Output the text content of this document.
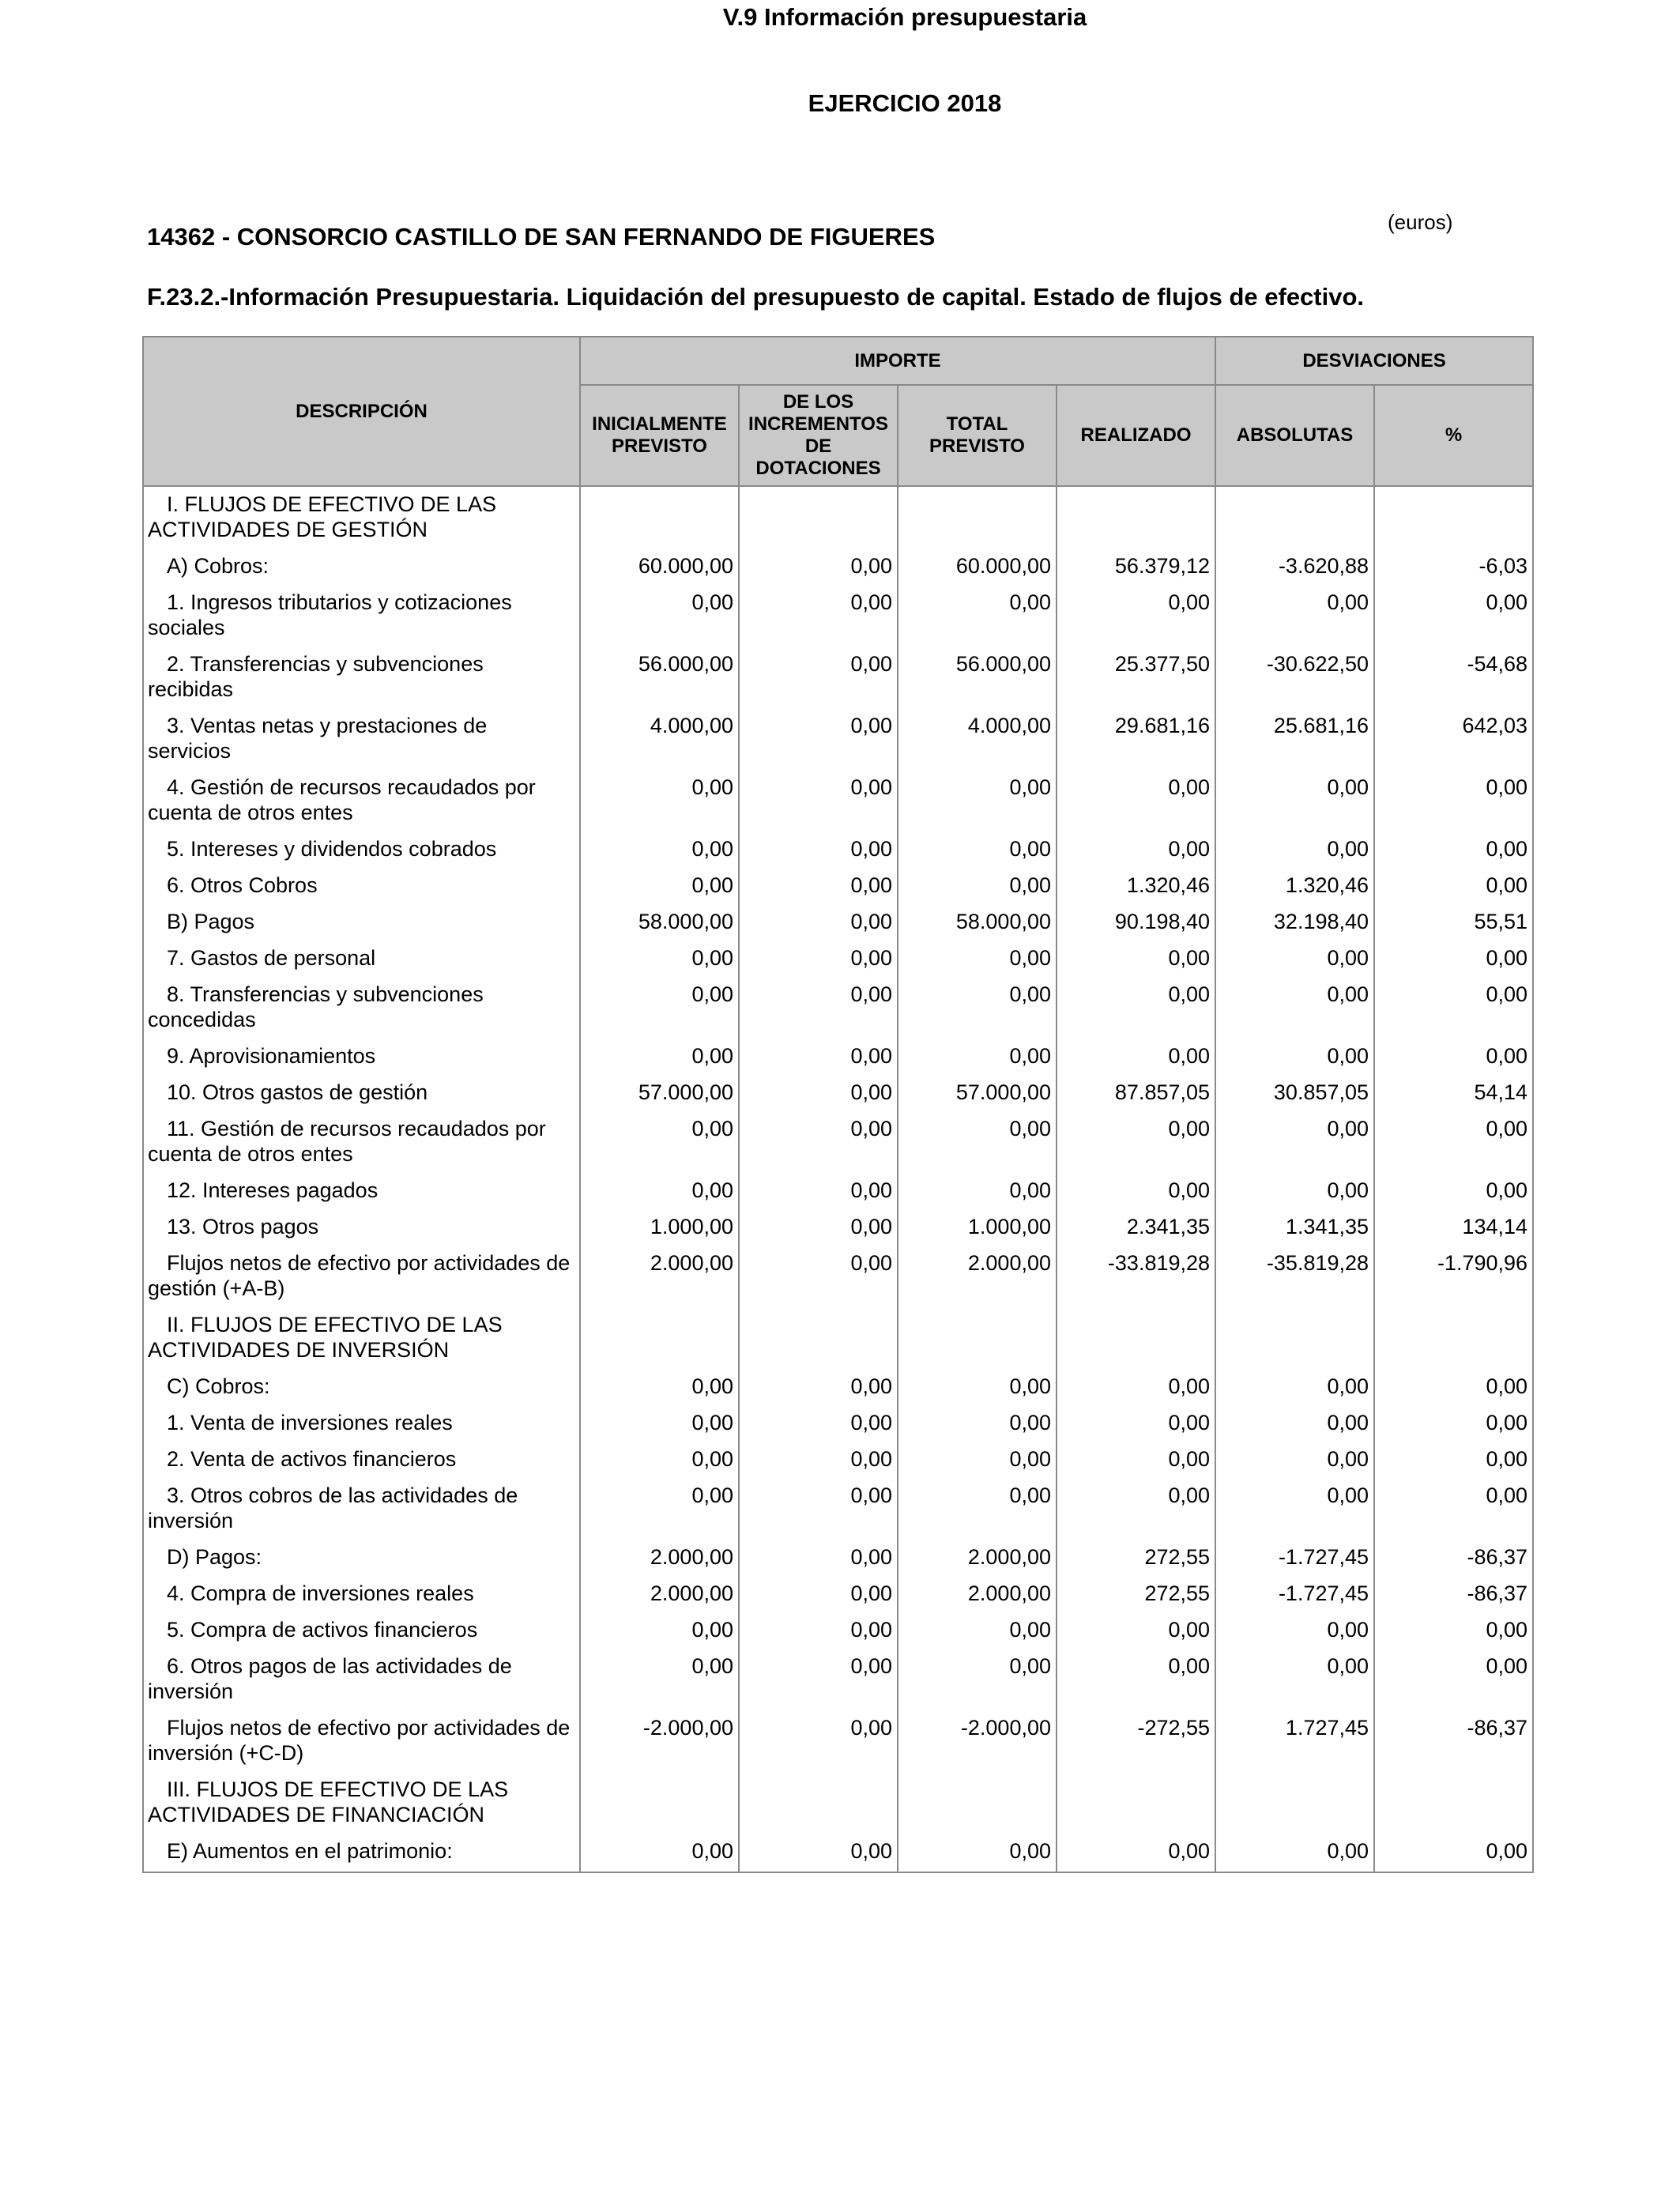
V.9 Información presupuestaria
EJERCICIO 2018
14362 - CONSORCIO CASTILLO DE SAN FERNANDO DE FIGUERES
(euros)
F.23.2.-Información Presupuestaria. Liquidación del presupuesto de capital. Estado de flujos de efectivo.
DESCRIPCIÓN	IMPORTE				DESVIACIONES	
	INICIALMENTE PREVISTO	DE LOS INCREMENTOS DE DOTACIONES	TOTAL PREVISTO	REALIZADO	ABSOLUTAS	%
I. FLUJOS DE EFECTIVO DE LAS ACTIVIDADES DE GESTIÓN						
A) Cobros:	60.000,00	0,00	60.000,00	56.379,12	-3.620,88	-6,03
1. Ingresos tributarios y cotizaciones sociales	0,00	0,00	0,00	0,00	0,00	0,00
2. Transferencias y subvenciones recibidas	56.000,00	0,00	56.000,00	25.377,50	-30.622,50	-54,68
3. Ventas netas y prestaciones de servicios	4.000,00	0,00	4.000,00	29.681,16	25.681,16	642,03
4. Gestión de recursos recaudados por cuenta de otros entes	0,00	0,00	0,00	0,00	0,00	0,00
5. Intereses y dividendos cobrados	0,00	0,00	0,00	0,00	0,00	0,00
6. Otros Cobros	0,00	0,00	0,00	1.320,46	1.320,46	0,00
B) Pagos	58.000,00	0,00	58.000,00	90.198,40	32.198,40	55,51
7. Gastos de personal	0,00	0,00	0,00	0,00	0,00	0,00
8. Transferencias y subvenciones concedidas	0,00	0,00	0,00	0,00	0,00	0,00
9. Aprovisionamientos	0,00	0,00	0,00	0,00	0,00	0,00
10. Otros gastos de gestión	57.000,00	0,00	57.000,00	87.857,05	30.857,05	54,14
11. Gestión de recursos recaudados por cuenta de otros entes	0,00	0,00	0,00	0,00	0,00	0,00
12. Intereses pagados	0,00	0,00	0,00	0,00	0,00	0,00
13. Otros pagos	1.000,00	0,00	1.000,00	2.341,35	1.341,35	134,14
Flujos netos de efectivo por actividades de gestión (+A-B)	2.000,00	0,00	2.000,00	-33.819,28	-35.819,28	-1.790,96
II. FLUJOS DE EFECTIVO DE LAS ACTIVIDADES DE INVERSIÓN						
C) Cobros:	0,00	0,00	0,00	0,00	0,00	0,00
1. Venta de inversiones reales	0,00	0,00	0,00	0,00	0,00	0,00
2. Venta de activos financieros	0,00	0,00	0,00	0,00	0,00	0,00
3. Otros cobros de las actividades de inversión	0,00	0,00	0,00	0,00	0,00	0,00
D) Pagos:	2.000,00	0,00	2.000,00	272,55	-1.727,45	-86,37
4. Compra de inversiones reales	2.000,00	0,00	2.000,00	272,55	-1.727,45	-86,37
5. Compra de activos financieros	0,00	0,00	0,00	0,00	0,00	0,00
6. Otros pagos de las actividades de inversión	0,00	0,00	0,00	0,00	0,00	0,00
Flujos netos de efectivo por actividades de inversión (+C-D)	-2.000,00	0,00	-2.000,00	-272,55	1.727,45	-86,37
III. FLUJOS DE EFECTIVO DE LAS ACTIVIDADES DE FINANCIACIÓN						
E) Aumentos en el patrimonio:	0,00	0,00	0,00	0,00	0,00	0,00
